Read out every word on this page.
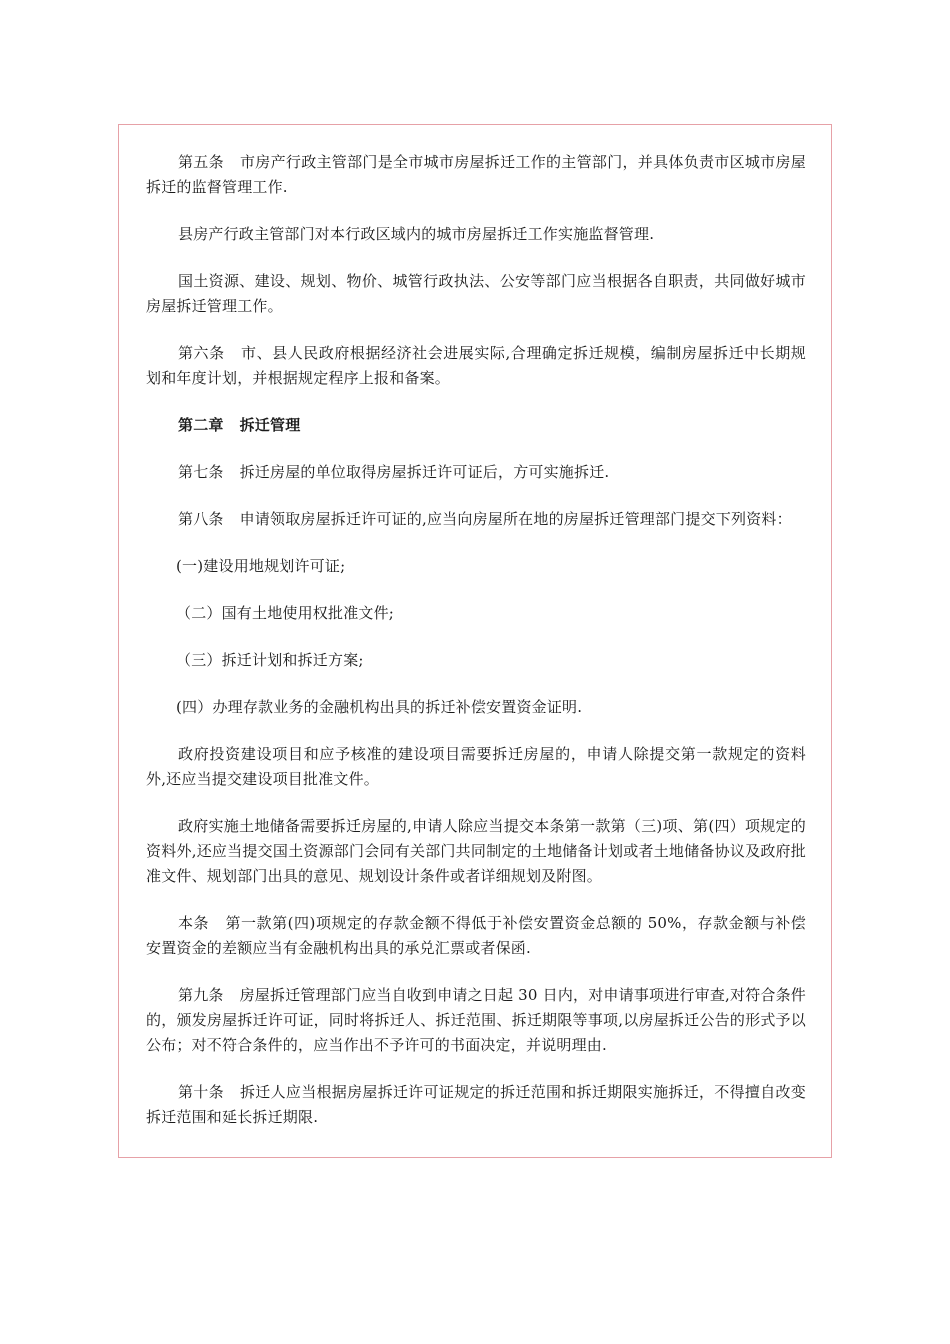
第五条 市房产行政主管部门是全市城市房屋拆迁工作的主管部门，并具体负责市区城市房屋拆迁的监督管理工作.

县房产行政主管部门对本行政区域内的城市房屋拆迁工作实施监督管理.

国土资源、建设、规划、物价、城管行政执法、公安等部门应当根据各自职责，共同做好城市房屋拆迁管理工作。

第六条 市、县人民政府根据经济社会进展实际,合理确定拆迁规模，编制房屋拆迁中长期规划和年度计划，并根据规定程序上报和备案。

第二章 拆迁管理

第七条 拆迁房屋的单位取得房屋拆迁许可证后，方可实施拆迁.

第八条 申请领取房屋拆迁许可证的,应当向房屋所在地的房屋拆迁管理部门提交下列资料：

(一)建设用地规划许可证;

（二）国有土地使用权批准文件;

（三）拆迁计划和拆迁方案;

(四）办理存款业务的金融机构出具的拆迁补偿安置资金证明.

政府投资建设项目和应予核准的建设项目需要拆迁房屋的，申请人除提交第一款规定的资料外,还应当提交建设项目批准文件。

政府实施土地储备需要拆迁房屋的,申请人除应当提交本条第一款第（三)项、第(四）项规定的资料外,还应当提交国土资源部门会同有关部门共同制定的土地储备计划或者土地储备协议及政府批准文件、规划部门出具的意见、规划设计条件或者详细规划及附图。

本条 第一款第(四)项规定的存款金额不得低于补偿安置资金总额的 50%，存款金额与补偿安置资金的差额应当有金融机构出具的承兑汇票或者保函.

第九条 房屋拆迁管理部门应当自收到申请之日起 30 日内，对申请事项进行审查,对符合条件的，颁发房屋拆迁许可证，同时将拆迁人、拆迁范围、拆迁期限等事项,以房屋拆迁公告的形式予以公布；对不符合条件的，应当作出不予许可的书面决定，并说明理由.

第十条 拆迁人应当根据房屋拆迁许可证规定的拆迁范围和拆迁期限实施拆迁，不得擅自改变拆迁范围和延长拆迁期限.
